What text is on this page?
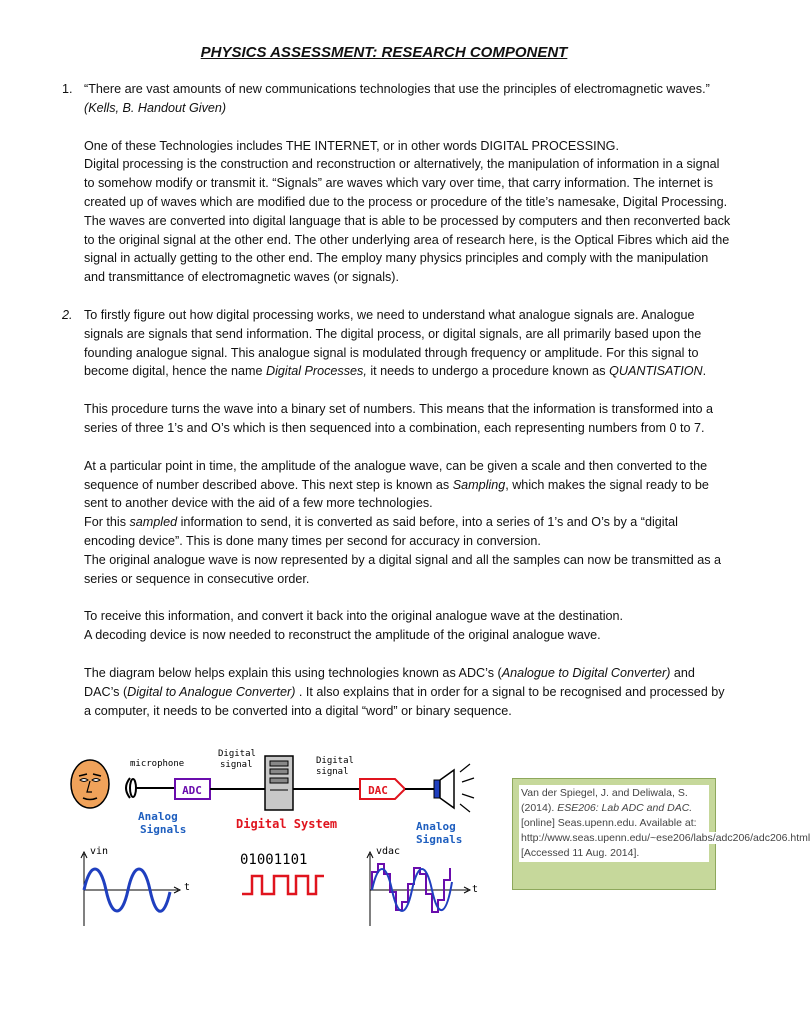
PHYSICS ASSESSMENT: RESEARCH COMPONENT
1. “There are vast amounts of new communications technologies that use the principles of electromagnetic waves.” (Kells, B. Handout Given)

One of these Technologies includes THE INTERNET, or in other words DIGITAL PROCESSING.

Digital processing is the construction and reconstruction or alternatively, the manipulation of information in a signal to somehow modify or transmit it. “Signals” are waves which vary over time, that carry information. The internet is created up of waves which are modified due to the process or procedure of the title’s namesake, Digital Processing. The waves are converted into digital language that is able to be processed by computers and then reconverted back to the original signal at the other end. The other underlying area of research here, is the Optical Fibres which aid the signal in actually getting to the other end. The employ many physics principles and comply with the manipulation and transmittance of electromagnetic waves (or signals).

2. To firstly figure out how digital processing works, we need to understand what analogue signals are. Analogue signals are signals that send information. The digital process, or digital signals, are all primarily based upon the founding analogue signal. This analogue signal is modulated through frequency or amplitude. For this signal to become digital, hence the name Digital Processes, it needs to undergo a procedure known as QUANTISATION.

This procedure turns the wave into a binary set of numbers. This means that the information is transformed into a series of three 1’s and O’s which is then sequenced into a combination, each representing numbers from 0 to 7.

At a particular point in time, the amplitude of the analogue wave, can be given a scale and then converted to the sequence of number described above. This next step is known as Sampling, which makes the signal ready to be sent to another device with the aid of a few more technologies.

For this sampled information to send, it is converted as said before, into a series of 1’s and O’s by a “digital encoding device”. This is done many times per second for accuracy in conversion.

The original analogue wave is now represented by a digital signal and all the samples can now be transmitted as a series or sequence in consecutive order.

To receive this information, and convert it back into the original analogue wave at the destination.

A decoding device is now needed to reconstruct the amplitude of the original analogue wave.

The diagram below helps explain this using technologies known as ADC’s (Analogue to Digital Converter) and DAC’s (Digital to Analogue Converter) . It also explains that in order for a signal to be recognised and processed by a computer, it needs to be converted into a digital “word” or binary sequence.

microphone
ADC
Digital
signal	Digital
signal
DAC
Analog
Signals	Digital System	Analog
Signals
vin
t
01001101
vdac
t
Van der Spiegel, J. and Deliwala, S. (2014). ESE206: Lab ADC and DAC. [online] Seas.upenn.edu. Available at: http://www.seas.upenn.edu/~ese206/labs/adc206/adc206.html [Accessed 11 Aug. 2014].
